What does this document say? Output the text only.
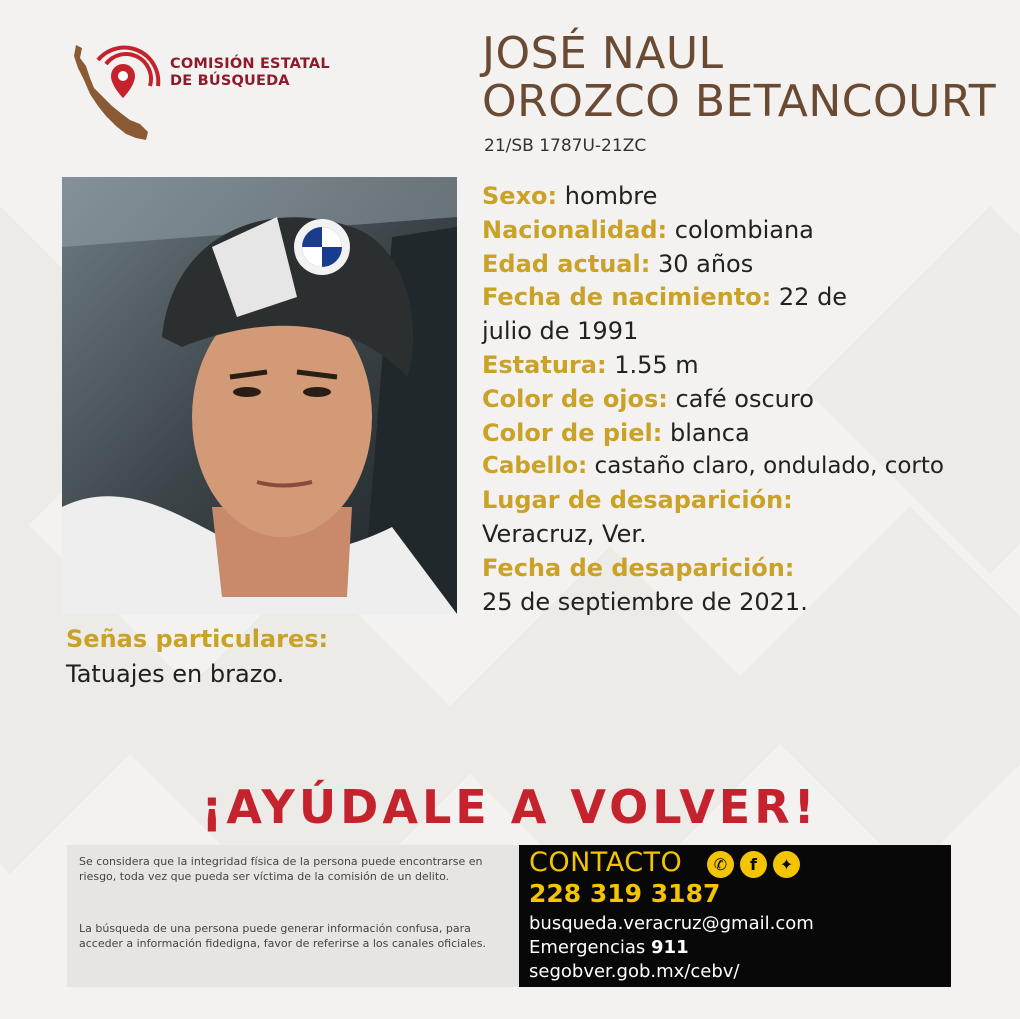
COMISIÓN ESTATAL
DE BÚSQUEDA
JOSÉ NAUL
OROZCO BETANCOURT
21/SB 1787U-21ZC
Sexo: hombre
Nacionalidad: colombiana
Edad actual: 30 años
Fecha de nacimiento: 22 de
julio de 1991
Estatura: 1.55 m
Color de ojos: café oscuro
Color de piel: blanca
Cabello: castaño claro, ondulado, corto
Lugar de desaparición:
Veracruz, Ver.
Fecha de desaparición:
25 de septiembre de 2021.
Señas particulares:
Tatuajes en brazo.
¡AYÚDALE A VOLVER!

Se considera que la integridad física de la persona puede encontrarse en riesgo, toda vez que pueda ser víctima de la comisión de un delito.

La búsqueda de una persona puede generar información confusa, para acceder a información fidedigna, favor de referirse a los canales oficiales.

CONTACTO	✆	f	✦
228 319 3187
busqueda.veracruz@gmail.com
Emergencias 911
segobver.gob.mx/cebv/
